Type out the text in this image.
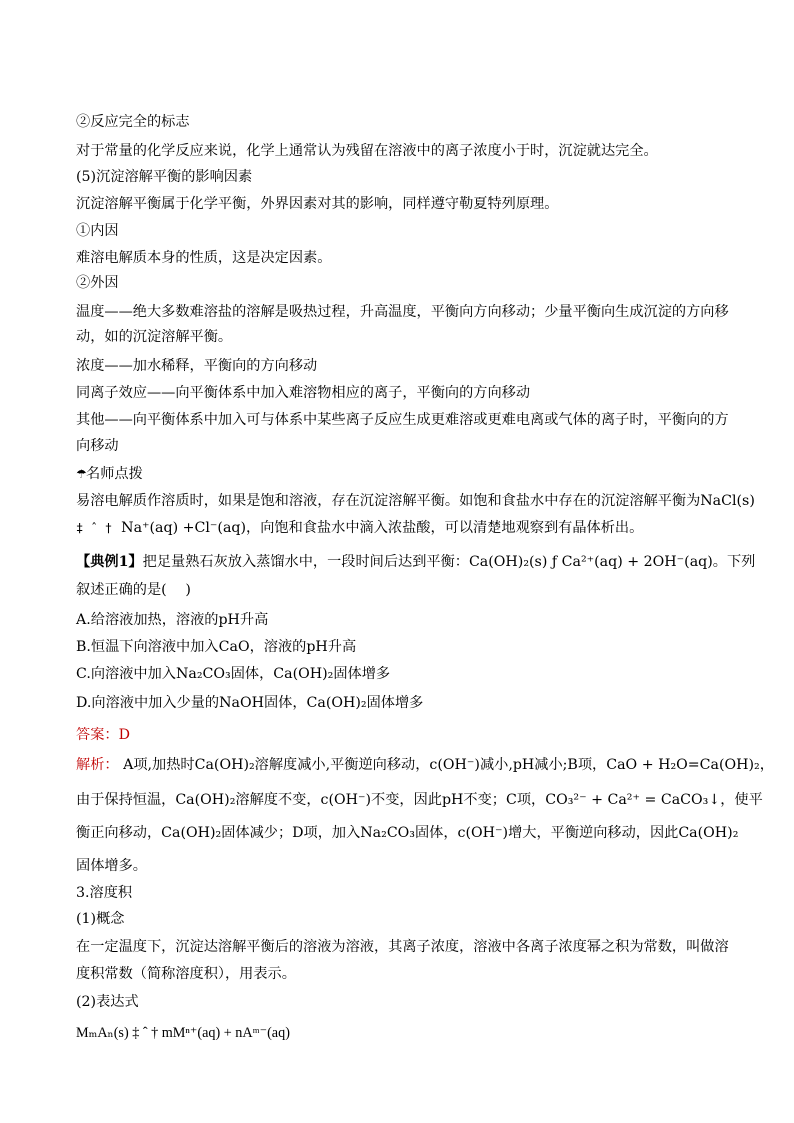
②反应完全的标志
对于常量的化学反应来说，化学上通常认为残留在溶液中的离子浓度小于时，沉淀就达完全。
(5)沉淀溶解平衡的影响因素
沉淀溶解平衡属于化学平衡，外界因素对其的影响，同样遵守勒夏特列原理。
①内因
难溶电解质本身的性质，这是决定因素。
②外因
温度——绝大多数难溶盐的溶解是吸热过程，升高温度，平衡向方向移动；少量平衡向生成沉淀的方向移
动，如的沉淀溶解平衡。
浓度——加水稀释，平衡向的方向移动
同离子效应——向平衡体系中加入难溶物相应的离子，平衡向的方向移动
其他——向平衡体系中加入可与体系中某些离子反应生成更难溶或更难电离或气体的离子时，平衡向的方
向移动
☂名师点拨
易溶电解质作溶质时，如果是饱和溶液，存在沉淀溶解平衡。如饱和食盐水中存在的沉淀溶解平衡为NaCl(s)
‡ ˆ † Na⁺(aq) +Cl⁻(aq)，向饱和食盐水中滴入浓盐酸，可以清楚地观察到有晶体析出。
【典例1】把足量熟石灰放入蒸馏水中，一段时间后达到平衡：Ca(OH)₂(s) ƒ Ca²⁺(aq) + 2OH⁻(aq)。下列
叙述正确的是(　 )
A.给溶液加热，溶液的pH升高
B.恒温下向溶液中加入CaO，溶液的pH升高
C.向溶液中加入Na₂CO₃固体，Ca(OH)₂固体增多
D.向溶液中加入少量的NaOH固体，Ca(OH)₂固体增多
答案：D
解析： A项,加热时Ca(OH)₂溶解度减小,平衡逆向移动，c(OH⁻)减小,pH减小;B项，CaO + H₂O=Ca(OH)₂，
由于保持恒温，Ca(OH)₂溶解度不变，c(OH⁻)不变，因此pH不变；C项，CO₃²⁻ + Ca²⁺ = CaCO₃↓，使平
衡正向移动，Ca(OH)₂固体减少；D项，加入Na₂CO₃固体，c(OH⁻)增大，平衡逆向移动，因此Ca(OH)₂
固体增多。
3.溶度积
(1)概念
在一定温度下，沉淀达溶解平衡后的溶液为溶液，其离子浓度，溶液中各离子浓度幂之积为常数，叫做溶
度积常数（简称溶度积），用表示。
(2)表达式
MₘAₙ(s) ‡ ˆ † mMⁿ⁺(aq) + nAᵐ⁻(aq)
